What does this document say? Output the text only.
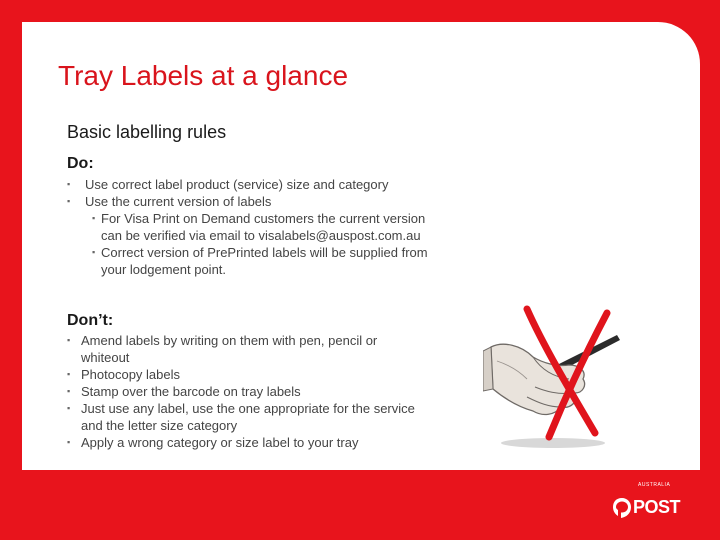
Tray Labels at a glance
Basic labelling rules
Do:
▪ Use correct label product (service) size and category
▪ Use the current version of labels
▪ For Visa Print on Demand customers the current version can be verified via email to visalabels@auspost.com.au
▪ Correct version of PrePrinted labels will be supplied from your lodgement point.
Don’t:
▪ Amend labels by writing on them with pen, pencil or whiteout
▪ Photocopy labels
▪ Stamp over the barcode on tray labels
▪ Just use any label, use the one appropriate for the service and the letter size category
▪ Apply a wrong category or size label to your tray
AUSTRALIA
POST
